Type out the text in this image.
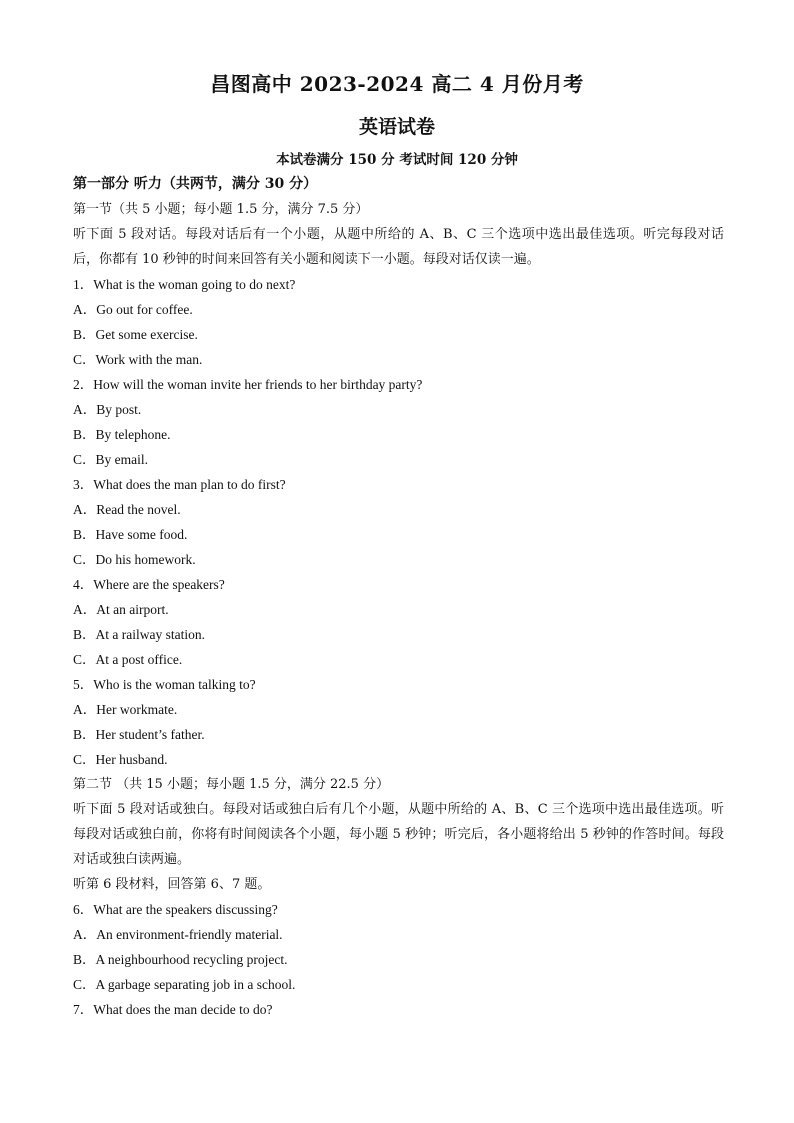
昌图高中 2023-2024 高二 4 月份月考
英语试卷
本试卷满分 150 分 考试时间 120 分钟
第一部分 听力（共两节，满分 30 分）
第一节（共 5 小题；每小题 1.5 分，满分 7.5 分）
听下面 5 段对话。每段对话后有一个小题，从题中所给的 A、B、C 三个选项中选出最佳选项。听完每段对话后，你都有 10 秒钟的时间来回答有关小题和阅读下一小题。每段对话仅读一遍。
1．What is the woman going to do next?
A．Go out for coffee.
B．Get some exercise.
C．Work with the man.
2．How will the woman invite her friends to her birthday party?
A．By post.
B．By telephone.
C．By email.
3．What does the man plan to do first?
A．Read the novel.
B．Have some food.
C．Do his homework.
4．Where are the speakers?
A．At an airport.
B．At a railway station.
C．At a post office.
5．Who is the woman talking to?
A．Her workmate.
B．Her student’s father.
C．Her husband.
第二节 （共 15 小题；每小题 1.5 分，满分 22.5 分）
听下面 5 段对话或独白。每段对话或独白后有几个小题，从题中所给的 A、B、C 三个选项中选出最佳选项。听每段对话或独白前，你将有时间阅读各个小题，每小题 5 秒钟；听完后，各小题将给出 5 秒钟的作答时间。每段对话或独白读两遍。
听第 6 段材料，回答第 6、7 题。
6．What are the speakers discussing?
A．An environment-friendly material.
B．A neighbourhood recycling project.
C．A garbage separating job in a school.
7．What does the man decide to do?
